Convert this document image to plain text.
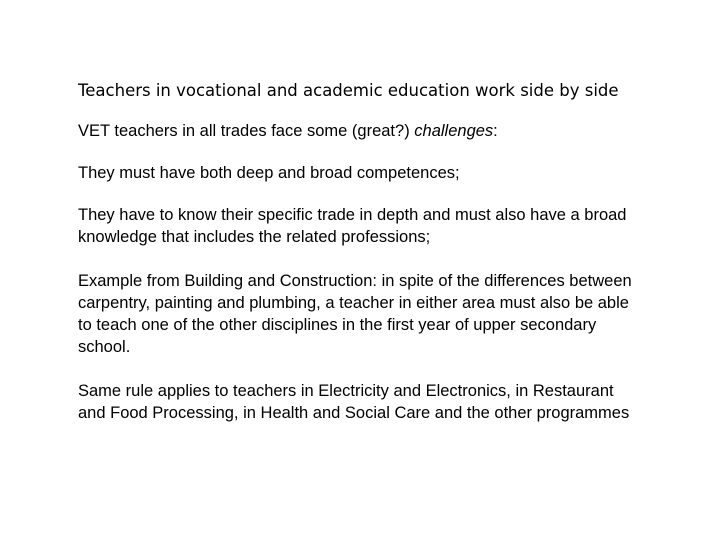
Teachers in vocational and academic education work side by side

VET teachers in all trades face some (great?) challenges:

They must have both deep and broad competences;

They have to know their specific trade in depth and must also have a broad knowledge that includes the related professions;

Example from Building and Construction: in spite of the differences between carpentry, painting and plumbing, a teacher in either area must also be able to teach one of the other disciplines in the first year of upper secondary school.

Same rule applies to teachers in Electricity and Electronics, in Restaurant and Food Processing, in Health and Social Care and the other programmes
